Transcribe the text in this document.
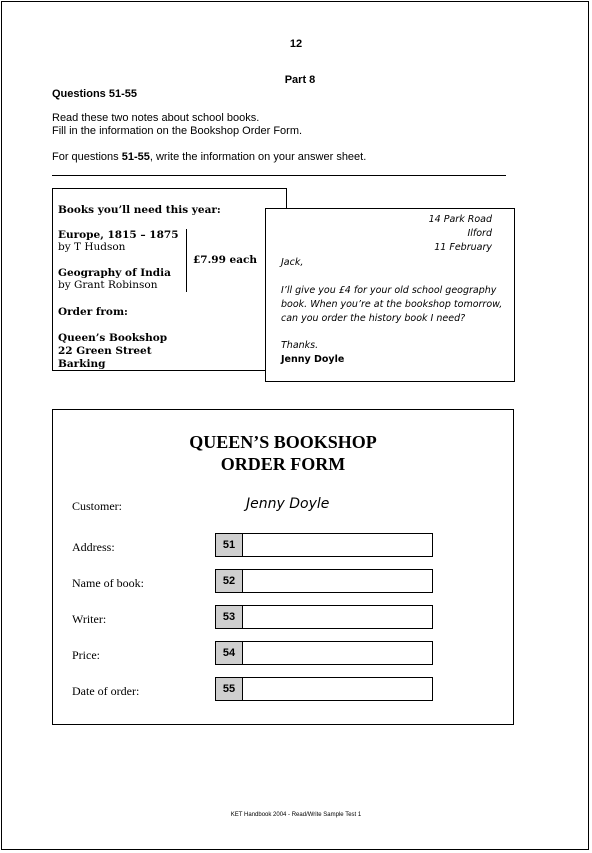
12
Part 8
Questions 51-55
Read these two notes about school books.
Fill in the information on the Bookshop Order Form.
For questions 51-55, write the information on your answer sheet.
Books you’ll need this year:
Europe, 1815 – 1875
by T Hudson
£7.99 each
Geography of India
by Grant Robinson
Order from:
Queen’s Bookshop
22 Green Street
Barking
14 Park Road
Ilford
11 February
Jack,
I’ll give you £4 for your old school geography
book. When you’re at the bookshop tomorrow,
can you order the history book I need?
Thanks.
Jenny Doyle
QUEEN’S BOOKSHOP
ORDER FORM
Customer:	Jenny Doyle
Address:	51
Name of book:	52
Writer:	53
Price:	54
Date of order:	55
KET Handbook 2004 - Read/Write Sample Test 1
